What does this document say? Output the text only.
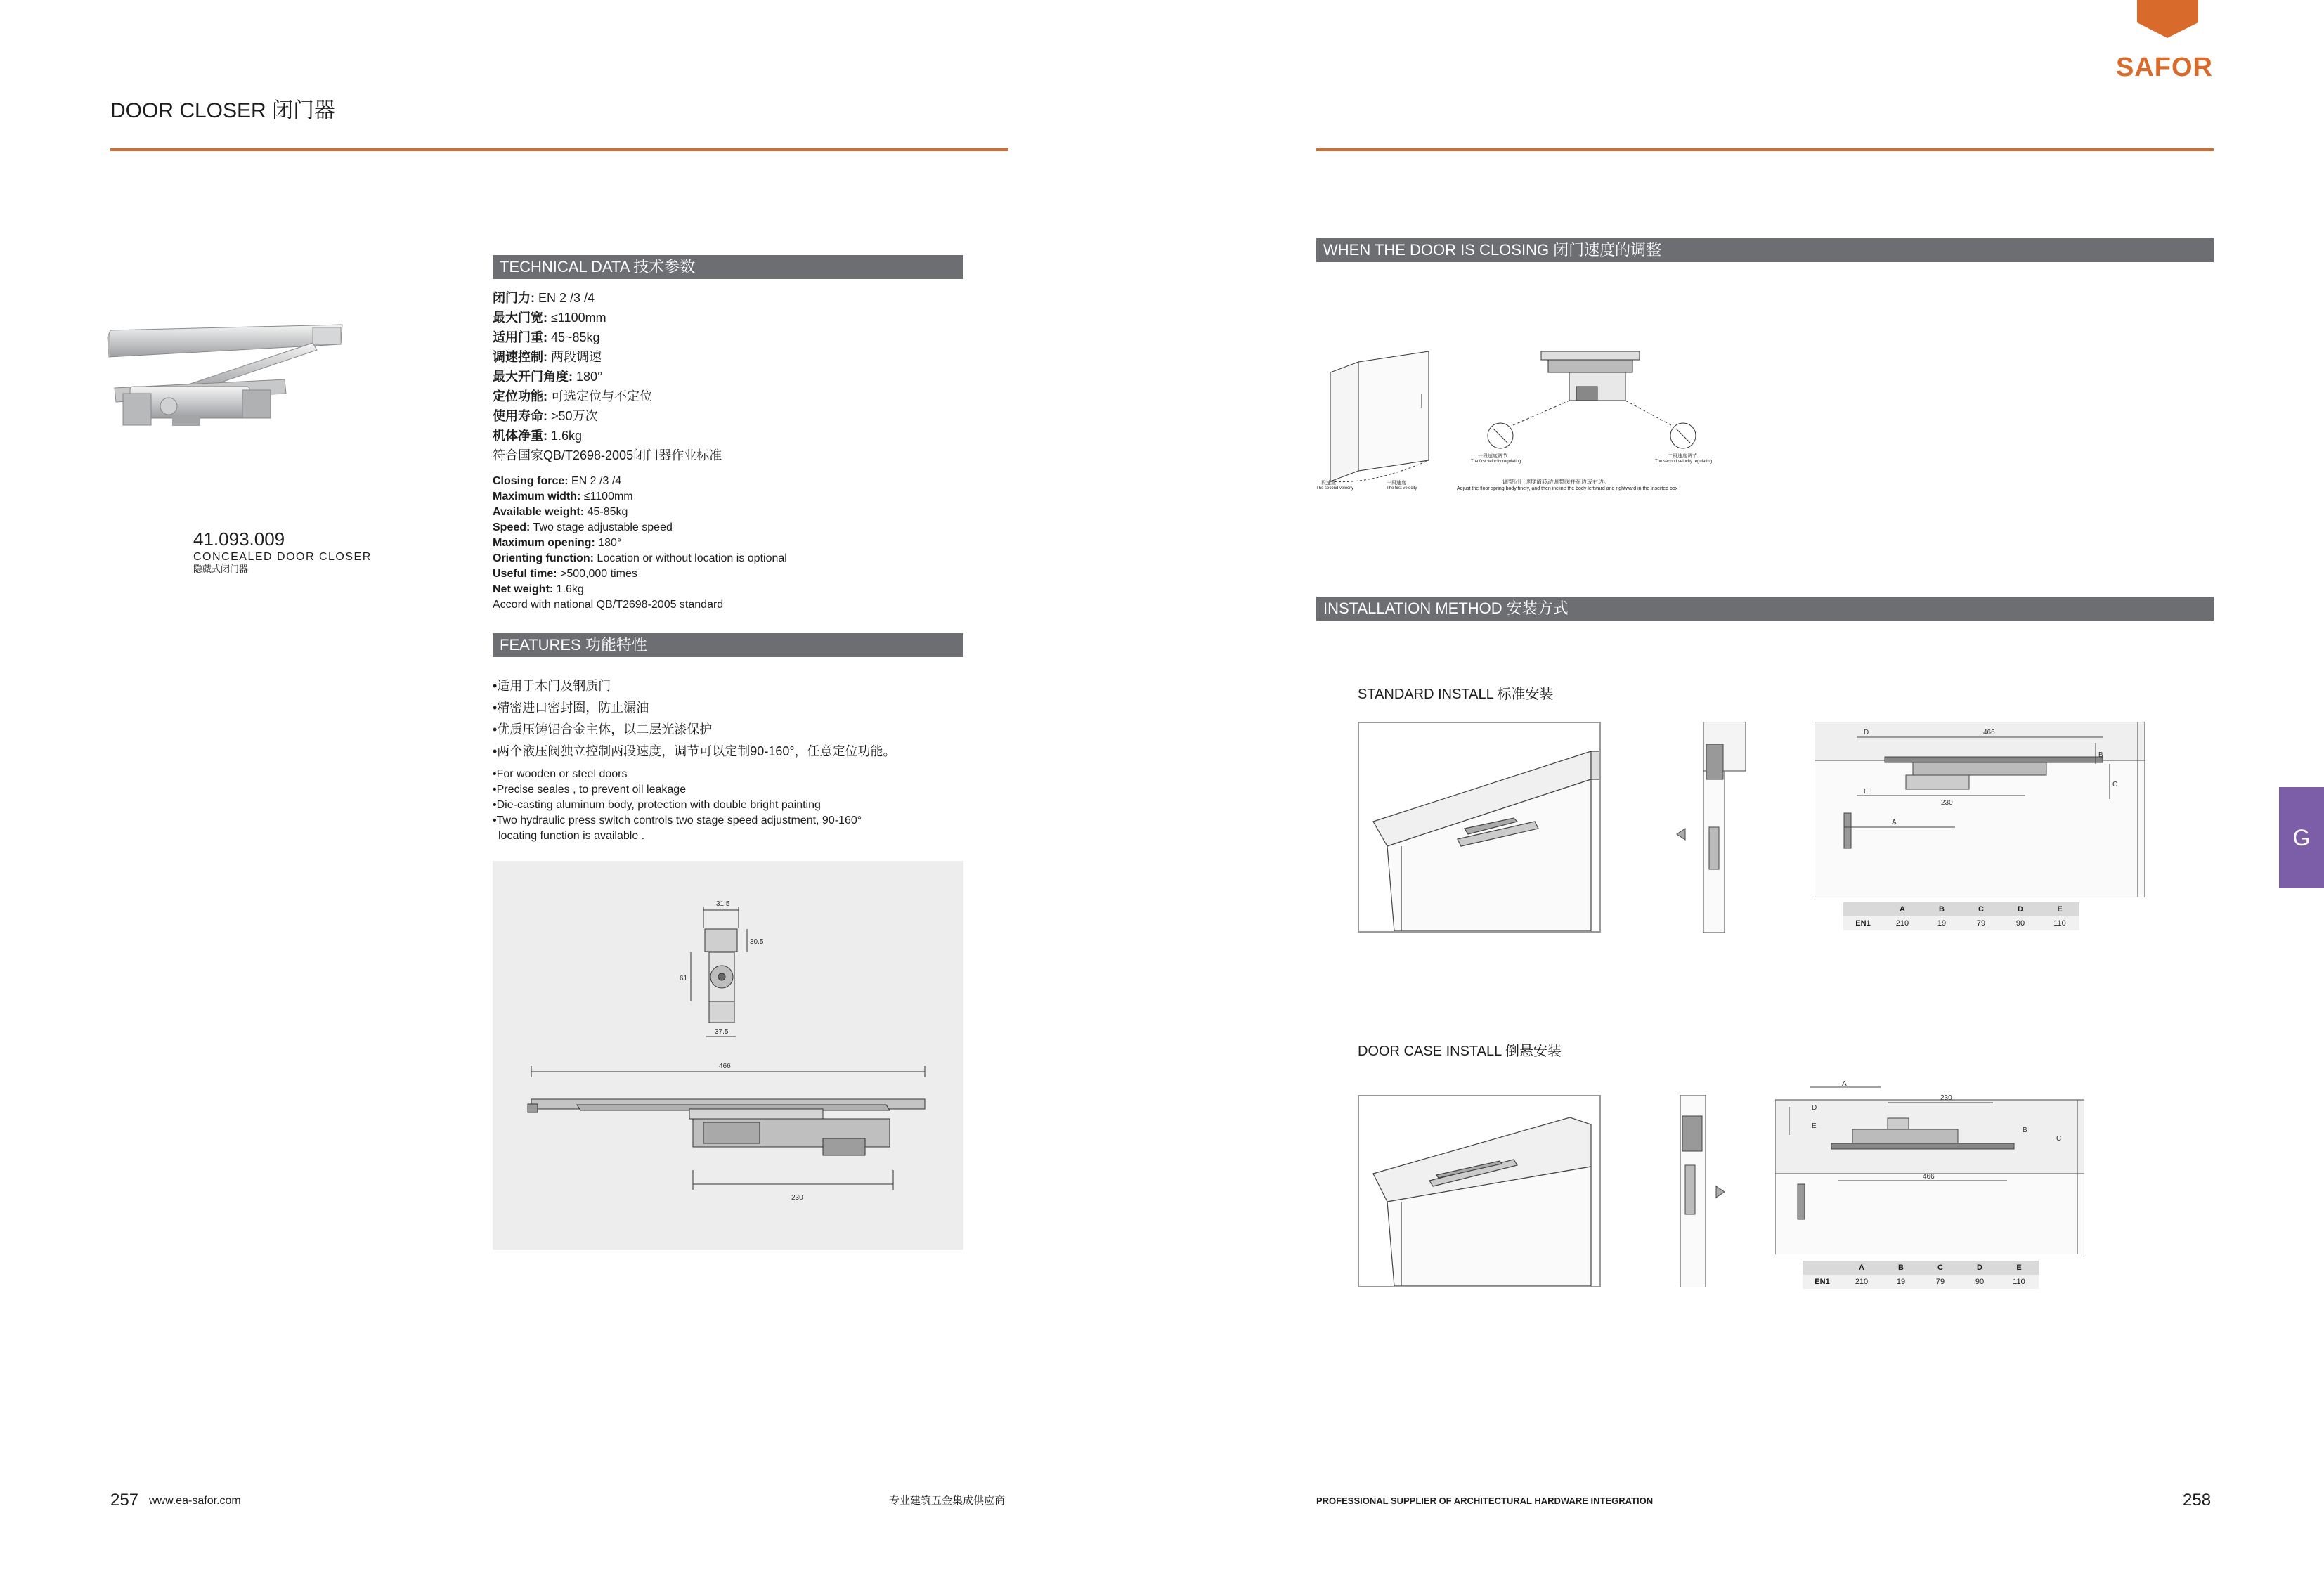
DOOR CLOSER 闭门器
41.093.009
CONCEALED DOOR CLOSER
隐藏式闭门器
TECHNICAL DATA 技术参数
闭门力: EN 2 /3 /4
最大门宽: ≤1100mm
适用门重: 45~85kg
调速控制: 两段调速
最大开门角度: 180°
定位功能: 可选定位与不定位
使用寿命: >50万次
机体净重: 1.6kg
符合国家QB/T2698-2005闭门器作业标准
Closing force: EN 2 /3 /4
Maximum width: ≤1100mm
Available weight: 45-85kg
Speed: Two stage adjustable speed
Maximum opening: 180°
Orienting function: Location or without location is optional
Useful time: >500,000 times
Net weight: 1.6kg
Accord with national QB/T2698-2005 standard
FEATURES 功能特性
•适用于木门及钢质门
•精密进口密封圈，防止漏油
•优质压铸铝合金主体，以二层光漆保护
•两个液压阀独立控制两段速度，调节可以定制90-160°，任意定位功能。
•For wooden or steel doors
•Precise seales , to prevent oil leakage
•Die-casting aluminum body, protection with double bright painting
•Two hydraulic press switch controls two stage speed adjustment, 90-160°
locating function is available .
31.5
30.5
61
37.5
466
230
257 www.ea-safor.com	专业建筑五金集成供应商
SAFOR
G
WHEN THE DOOR IS CLOSING 闭门速度的调整
二段速度
The second velocity
一段速度
The first velocity
一段速度调节
The first velocity regulating
二段速度调节
The second velocity regulating
调整闭门速度请转动调整阀并在边或右边。
Adjust the floor spring body finely, and then incline the body leftward and rightward in the inserted box
INSTALLATION METHOD 安装方式
STANDARD INSTALL 标准安装
466
230
D
E
A
B
C
	A	B	C	D	E
EN1	210	19	79	90	110
DOOR CASE INSTALL 倒悬安装
A
230
466
D
E
B
C
	A	B	C	D	E
EN1	210	19	79	90	110
PROFESSIONAL SUPPLIER OF ARCHITECTURAL HARDWARE INTEGRATION	258
